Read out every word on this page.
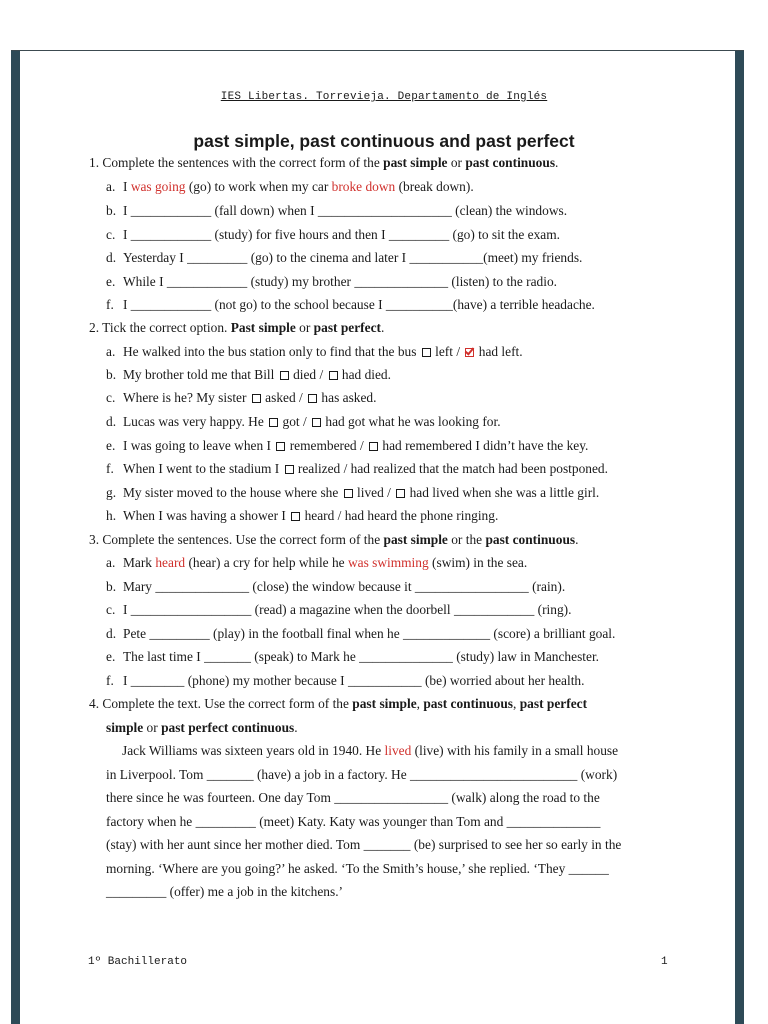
IES Libertas. Torrevieja. Departamento de Inglés
past simple, past continuous and past perfect
1. Complete the sentences with the correct form of the past simple or past continuous.
a. I was going (go) to work when my car broke down (break down).
b. I ____________ (fall down) when I ____________________ (clean) the windows.
c. I ____________ (study) for five hours and then I _________ (go) to sit the exam.
d. Yesterday I _________ (go) to the cinema and later I ___________(meet) my friends.
e. While I ____________ (study) my brother ______________ (listen) to the radio.
f. I ____________ (not go) to the school because I __________(have) a terrible headache.
2. Tick the correct option. Past simple or past perfect.
a. He walked into the bus station only to find that the bus  left /  had left.
b. My brother told me that Bill  died /  had died.
c. Where is he? My sister  asked /  has asked.
d. Lucas was very happy. He  got /  had got what he was looking for.
e. I was going to leave when I  remembered /  had remembered I didn’t have the key.
f. When I went to the stadium I  realized / had realized that the match had been postponed.
g. My sister moved to the house where she  lived /  had lived when she was a little girl.
h. When I was having a shower I  heard / had heard the phone ringing.
3. Complete the sentences. Use the correct form of the past simple or the past continuous.
a. Mark heard (hear) a cry for help while he was swimming (swim) in the sea.
b. Mary ______________ (close) the window because it _________________ (rain).
c. I __________________ (read) a magazine when the doorbell ____________ (ring).
d. Pete _________ (play) in the football final when he _____________ (score) a brilliant goal.
e. The last time I _______ (speak) to Mark he ______________ (study) law in Manchester.
f. I ________ (phone) my mother because I ___________ (be) worried about her health.
4. Complete the text. Use the correct form of the past simple, past continuous, past perfect
simple or past perfect continuous.
Jack Williams was sixteen years old in 1940. He lived (live) with his family in a small house
in Liverpool. Tom _______ (have) a job in a factory. He _________________________ (work)
there since he was fourteen. One day Tom _________________ (walk) along the road to the
factory when he _________ (meet) Katy. Katy was younger than Tom and ______________
(stay) with her aunt since her mother died. Tom _______ (be) surprised to see her so early in the
morning. ‘Where are you going?’ he asked. ‘To the Smith’s house,’ she replied. ‘They ______
_________ (offer) me a job in the kitchens.’
1º Bachillerato	1
